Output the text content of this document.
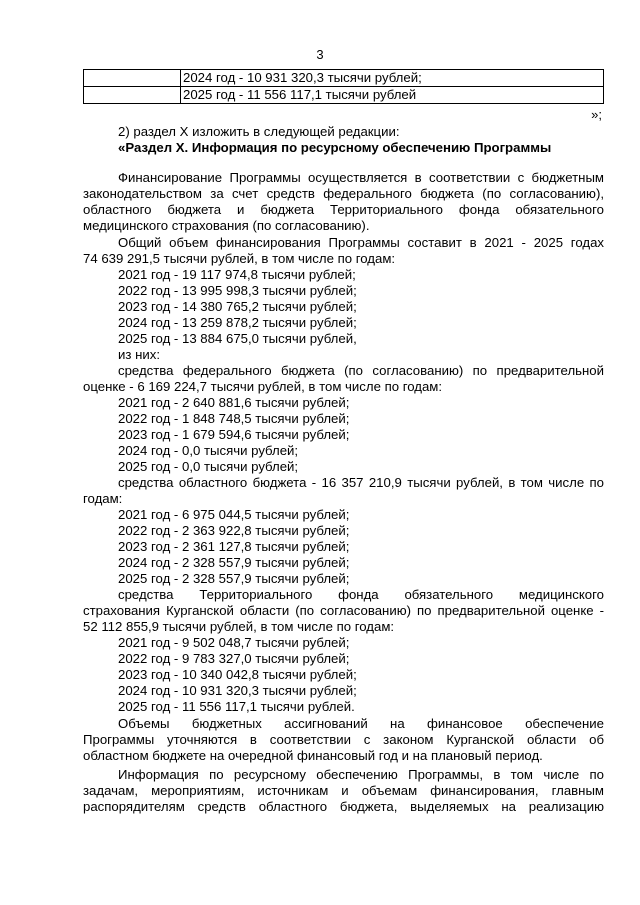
3
	2024 год - 10 931 320,3 тысячи рублей;
	2025 год - 11 556 117,1 тысячи рублей
»;
2) раздел X изложить в следующей редакции:
«Раздел X. Информация по ресурсному обеспечению Программы
Финансирование Программы осуществляется в соответствии с бюджетным
законодательством за счет средств федерального бюджета (по согласованию),
областного бюджета и бюджета Территориального фонда обязательного
медицинского страхования (по согласованию).
Общий объем финансирования Программы составит в 2021 - 2025 годах
74 639 291,5 тысячи рублей, в том числе по годам:
2021 год - 19 117 974,8 тысячи рублей;
2022 год - 13 995 998,3 тысячи рублей;
2023 год - 14 380 765,2 тысячи рублей;
2024 год - 13 259 878,2 тысячи рублей;
2025 год - 13 884 675,0 тысячи рублей,
из них:
средства федерального бюджета (по согласованию) по предварительной
оценке - 6 169 224,7 тысячи рублей, в том числе по годам:
2021 год - 2 640 881,6 тысячи рублей;
2022 год - 1 848 748,5 тысячи рублей;
2023 год - 1 679 594,6 тысячи рублей;
2024 год - 0,0 тысячи рублей;
2025 год - 0,0 тысячи рублей;
средства областного бюджета - 16 357 210,9 тысячи рублей, в том числе по
годам:
2021 год - 6 975 044,5 тысячи рублей;
2022 год - 2 363 922,8 тысячи рублей;
2023 год - 2 361 127,8 тысячи рублей;
2024 год - 2 328 557,9 тысячи рублей;
2025 год - 2 328 557,9 тысячи рублей;
средства Территориального фонда обязательного медицинского
страхования Курганской области (по согласованию) по предварительной оценке -
52 112 855,9 тысячи рублей, в том числе по годам:
2021 год - 9 502 048,7 тысячи рублей;
2022 год - 9 783 327,0 тысячи рублей;
2023 год - 10 340 042,8 тысячи рублей;
2024 год - 10 931 320,3 тысячи рублей;
2025 год - 11 556 117,1 тысячи рублей.
Объемы бюджетных ассигнований на финансовое обеспечение
Программы уточняются в соответствии с законом Курганской области об
областном бюджете на очередной финансовый год и на плановый период.
Информация по ресурсному обеспечению Программы, в том числе по
задачам, мероприятиям, источникам и объемам финансирования, главным
распорядителям средств областного бюджета, выделяемых на реализацию
